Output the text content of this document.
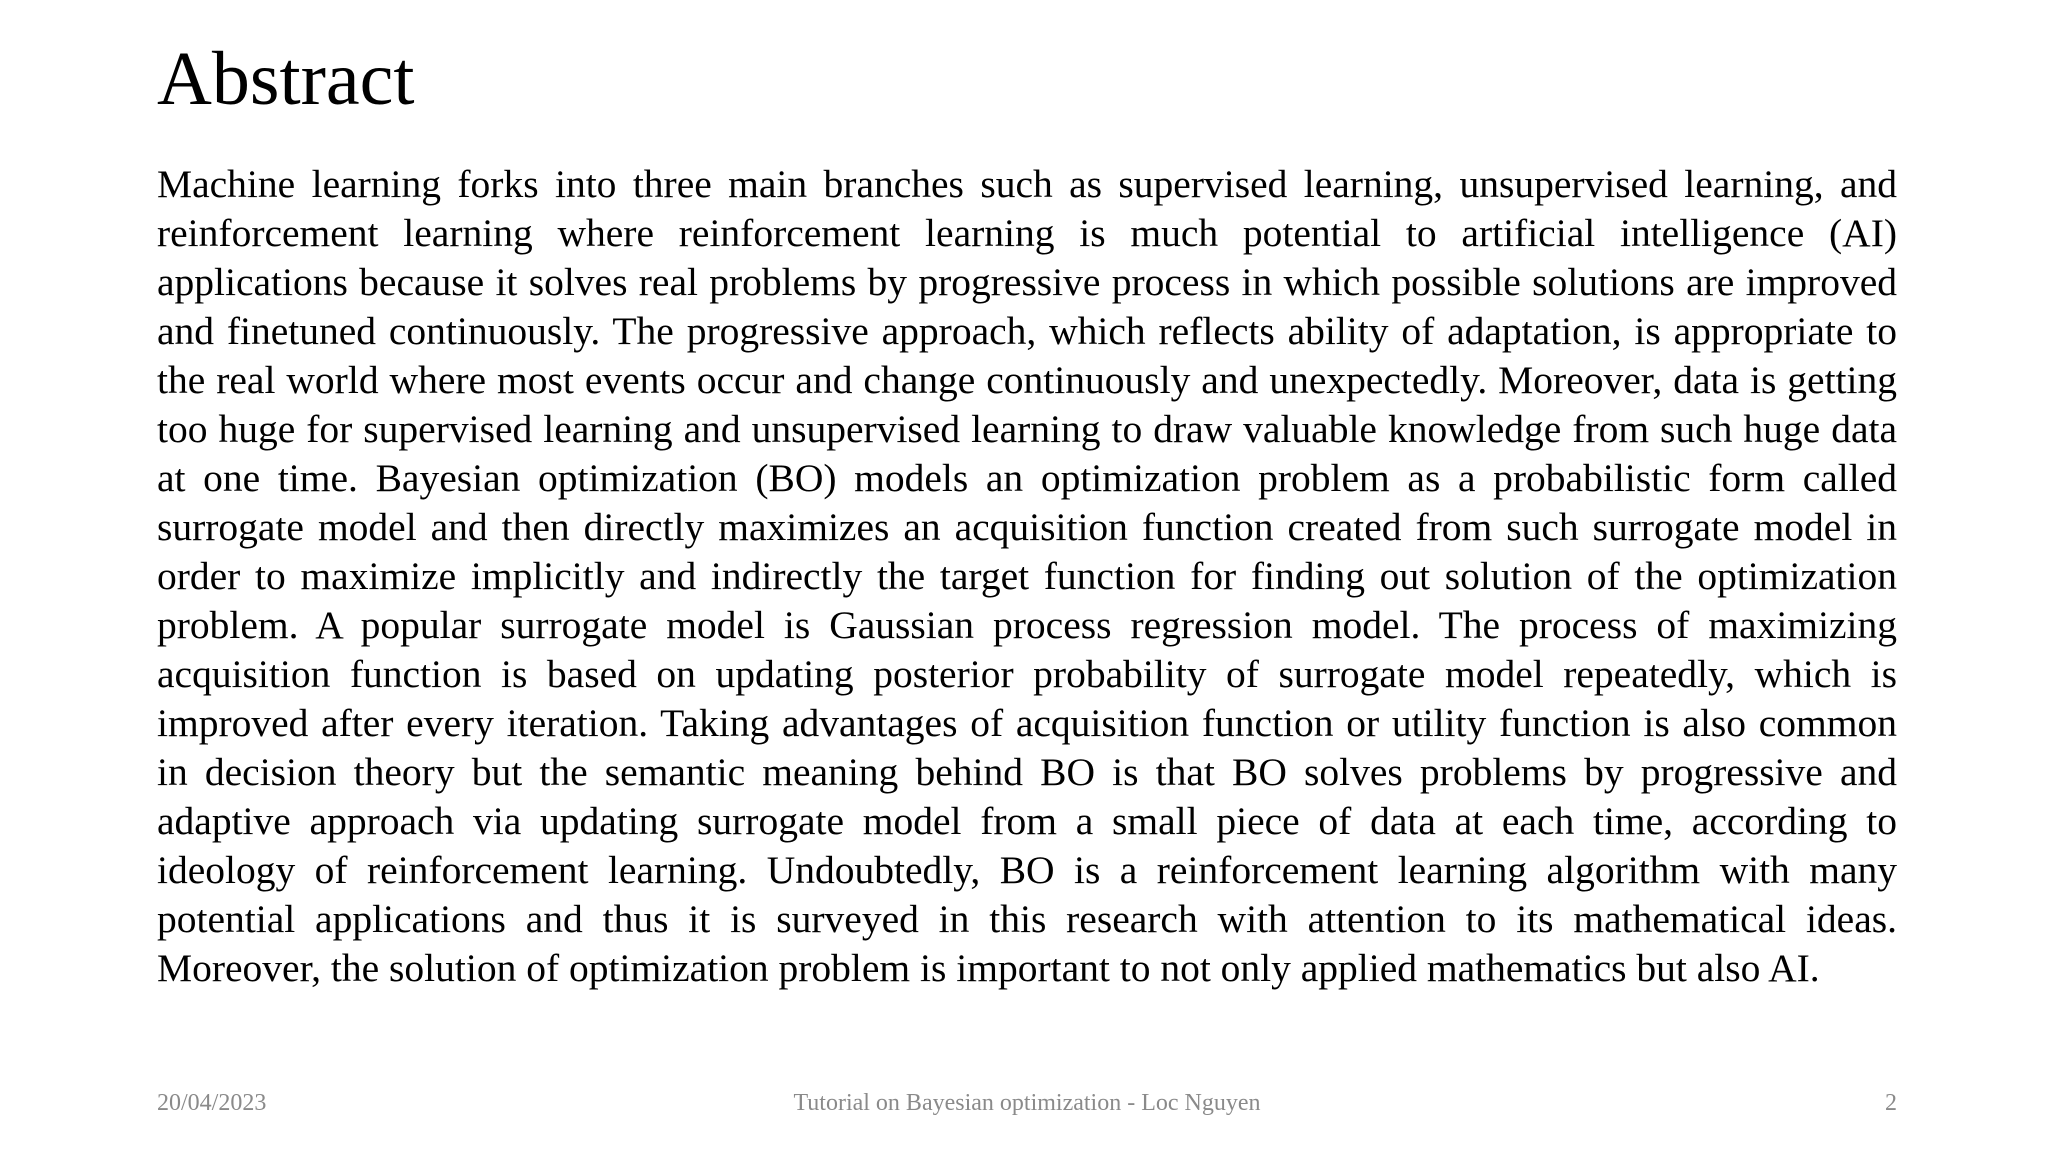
Abstract

Machine learning forks into three main branches such as supervised learning, unsupervised learning, and reinforcement learning where reinforcement learning is much potential to artificial intelligence (AI) applications because it solves real problems by progressive process in which possible solutions are improved and finetuned continuously. The progressive approach, which reflects ability of adaptation, is appropriate to the real world where most events occur and change continuously and unexpectedly. Moreover, data is getting too huge for supervised learning and unsupervised learning to draw valuable knowledge from such huge data at one time. Bayesian optimization (BO) models an optimization problem as a probabilistic form called surrogate model and then directly maximizes an acquisition function created from such surrogate model in order to maximize implicitly and indirectly the target function for finding out solution of the optimization problem. A popular surrogate model is Gaussian process regression model. The process of maximizing acquisition function is based on updating posterior probability of surrogate model repeatedly, which is improved after every iteration. Taking advantages of acquisition function or utility function is also common in decision theory but the semantic meaning behind BO is that BO solves problems by progressive and adaptive approach via updating surrogate model from a small piece of data at each time, according to ideology of reinforcement learning. Undoubtedly, BO is a reinforcement learning algorithm with many potential applications and thus it is surveyed in this research with attention to its mathematical ideas. Moreover, the solution of optimization problem is important to not only applied mathematics but also AI.

20/04/2023	Tutorial on Bayesian optimization - Loc Nguyen	2
